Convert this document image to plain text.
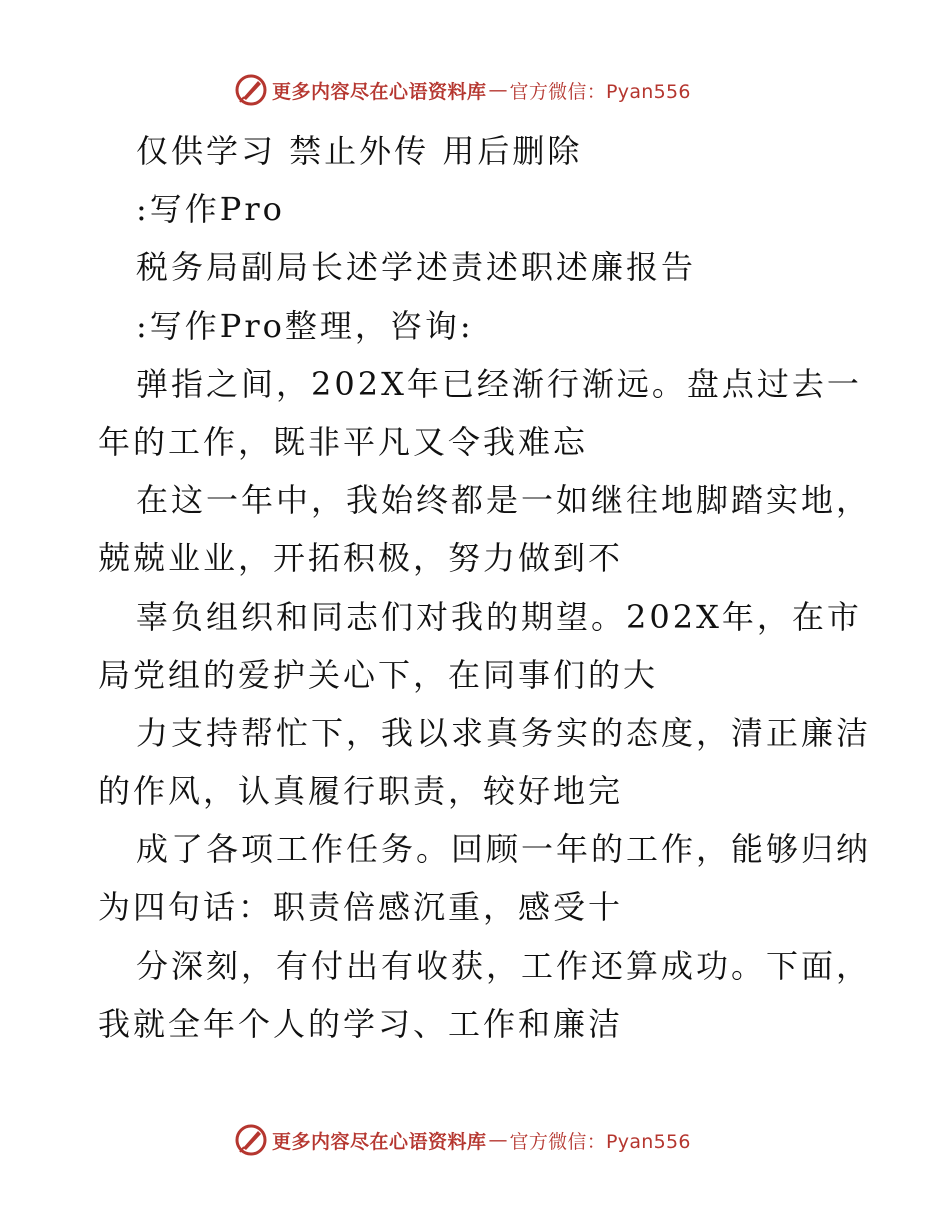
更多内容尽在心语资料库 — 官方微信：Pyan556
仅供学习 禁止外传 用后删除
:写作Pro
税务局副局长述学述责述职述廉报告
:写作Pro整理，咨询:
弹指之间，202X年已经渐行渐远。盘点过去一
年的工作，既非平凡又令我难忘
在这一年中，我始终都是一如继往地脚踏实地，
兢兢业业，开拓积极，努力做到不
辜负组织和同志们对我的期望。202X年，在市
局党组的爱护关心下，在同事们的大
力支持帮忙下，我以求真务实的态度，清正廉洁
的作风，认真履行职责，较好地完
成了各项工作任务。回顾一年的工作，能够归纳
为四句话：职责倍感沉重，感受十
分深刻，有付出有收获，工作还算成功。下面，
我就全年个人的学习、工作和廉洁
更多内容尽在心语资料库 — 官方微信：Pyan556
